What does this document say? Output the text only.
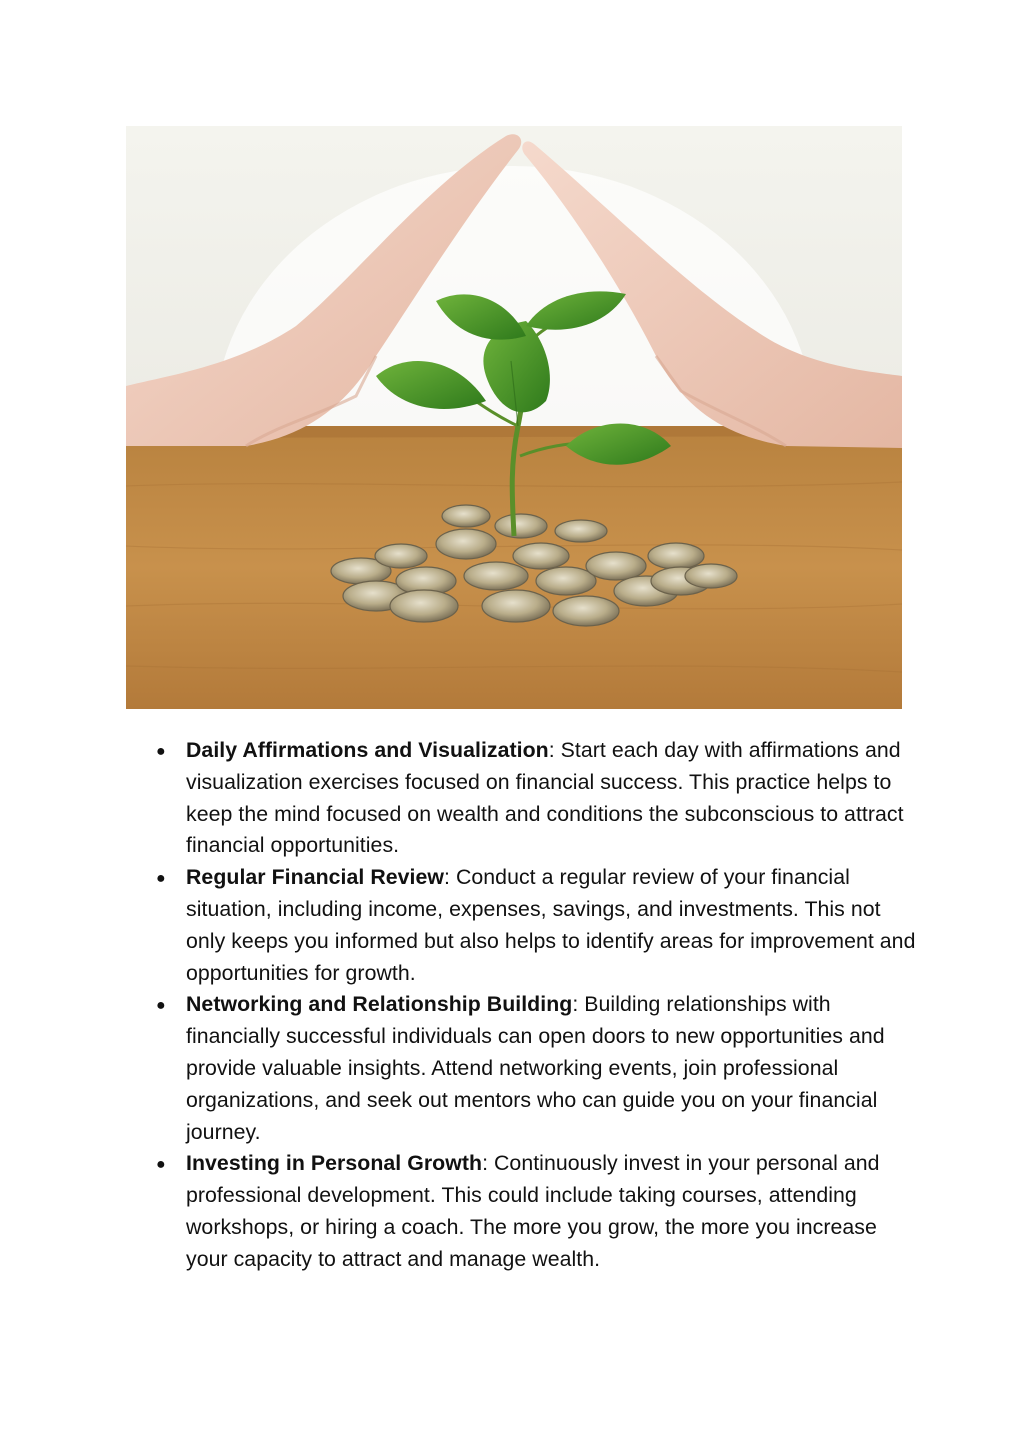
● Daily Affirmations and Visualization: Start each day with affirmations and visualization exercises focused on financial success. This practice helps to keep the mind focused on wealth and conditions the subconscious to attract financial opportunities.
● Regular Financial Review: Conduct a regular review of your financial situation, including income, expenses, savings, and investments. This not only keeps you informed but also helps to identify areas for improvement and opportunities for growth.
● Networking and Relationship Building: Building relationships with financially successful individuals can open doors to new opportunities and provide valuable insights. Attend networking events, join professional organizations, and seek out mentors who can guide you on your financial journey.
● Investing in Personal Growth: Continuously invest in your personal and professional development. This could include taking courses, attending workshops, or hiring a coach. The more you grow, the more you increase your capacity to attract and manage wealth.
